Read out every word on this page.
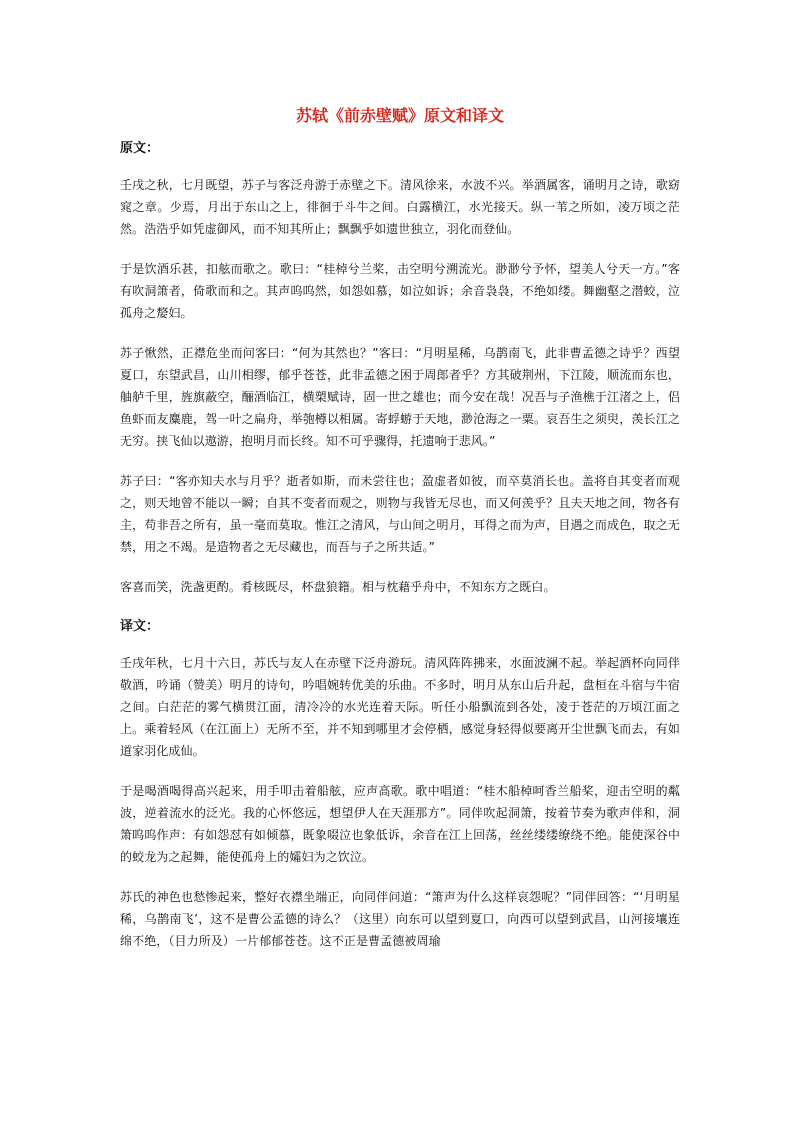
苏轼《前赤壁赋》原文和译文
原文：

壬戌之秋，七月既望，苏子与客泛舟游于赤壁之下。清风徐来，水波不兴。举酒属客，诵明月之诗，歌窈窕之章。少焉，月出于东山之上，徘徊于斗牛之间。白露横江，水光接天。纵一苇之所如，凌万顷之茫然。浩浩乎如凭虚御风，而不知其所止；飘飘乎如遗世独立，羽化而登仙。

于是饮酒乐甚，扣舷而歌之。歌曰：“桂棹兮兰桨，击空明兮溯流光。渺渺兮予怀，望美人兮天一方。”客有吹洞箫者，倚歌而和之。其声呜呜然，如怨如慕，如泣如诉；余音袅袅，不绝如缕。舞幽壑之潜蛟，泣孤舟之嫠妇。

苏子愀然，正襟危坐而问客曰：“何为其然也？”客曰：“月明星稀，乌鹊南飞，此非曹孟德之诗乎？西望夏口，东望武昌，山川相缪，郁乎苍苍，此非孟德之困于周郎者乎？方其破荆州，下江陵，顺流而东也，舳舻千里，旌旗蔽空，酾酒临江，横槊赋诗，固一世之雄也；而今安在哉！况吾与子渔樵于江渚之上，侣鱼虾而友麋鹿，驾一叶之扁舟，举匏樽以相属。寄蜉蝣于天地，渺沧海之一粟。哀吾生之须臾，羡长江之无穷。挟飞仙以遨游，抱明月而长终。知不可乎骤得，托遗响于悲风。”

苏子曰：“客亦知夫水与月乎？逝者如斯，而未尝往也；盈虚者如彼，而卒莫消长也。盖将自其变者而观之，则天地曾不能以一瞬；自其不变者而观之，则物与我皆无尽也，而又何羡乎？且夫天地之间，物各有主，苟非吾之所有，虽一毫而莫取。惟江之清风，与山间之明月，耳得之而为声，目遇之而成色，取之无禁，用之不竭。是造物者之无尽藏也，而吾与子之所共适。”

客喜而笑，洗盏更酌。肴核既尽，杯盘狼籍。相与枕藉乎舟中，不知东方之既白。

译文：

壬戌年秋，七月十六日，苏氏与友人在赤壁下泛舟游玩。清风阵阵拂来，水面波澜不起。举起酒杯向同伴敬酒，吟诵（赞美）明月的诗句，吟唱婉转优美的乐曲。不多时，明月从东山后升起，盘桓在斗宿与牛宿之间。白茫茫的雾气横贯江面，清冷冷的水光连着天际。听任小船飘流到各处，凌于苍茫的万顷江面之上。乘着轻风（在江面上）无所不至，并不知到哪里才会停栖，感觉身轻得似要离开尘世飘飞而去，有如道家羽化成仙。

于是喝酒喝得高兴起来，用手叩击着船舷，应声高歌。歌中唱道：“桂木船棹呵香兰船桨，迎击空明的粼波，逆着流水的泛光。我的心怀悠远，想望伊人在天涯那方”。同伴吹起洞箫，按着节奏为歌声伴和，洞箫呜呜作声：有如怨怼有如倾慕，既象啜泣也象低诉，余音在江上回荡，丝丝缕缕缭绕不绝。能使深谷中的蛟龙为之起舞，能使孤舟上的孀妇为之饮泣。

苏氏的神色也愁惨起来，整好衣襟坐端正，向同伴问道：“箫声为什么这样哀怨呢？”同伴回答：“‘月明星稀，乌鹊南飞’，这不是曹公孟德的诗么？（这里）向东可以望到夏口，向西可以望到武昌，山河接壤连绵不绝，（目力所及）一片郁郁苍苍。这不正是曹孟德被周瑜
